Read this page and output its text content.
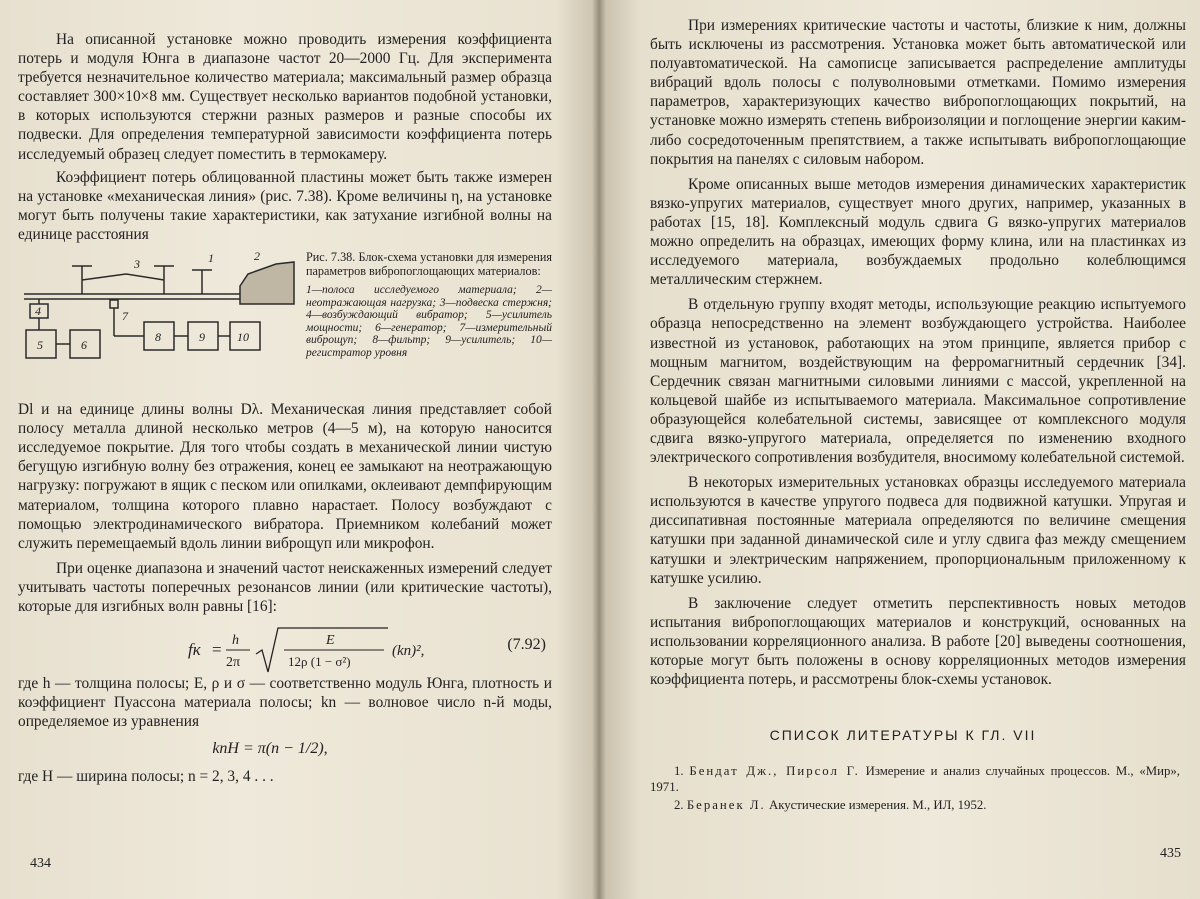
На описанной установке можно проводить измерения коэффициента потерь и модуля Юнга в диапазоне частот 20—2000 Гц. Для эксперимента требуется незначительное количество материала; максимальный размер образца составляет 300×10×8 мм. Существует несколько вариантов подобной установки, в которых используются стержни разных размеров и разные способы их подвески. Для определения температурной зависимости коэффициента потерь исследуемый образец следует поместить в термокамеру.

Коэффициент потерь облицованной пластины может быть также измерен на установке «механическая линия» (рис. 7.38). Кроме величины η, на установке могут быть получены такие характеристики, как затухание изгибной волны на единице расстояния

3	1	2
4
5	6
7
8	9	10
Рис. 7.38. Блок-схема установки для измерения параметров вибропоглощающих материалов:
1—полоса исследуемого материала; 2—неотражающая нагрузка; 3—подвеска стержня; 4—возбуждающий вибратор; 5—усилитель мощности; 6—генератор; 7—измерительный виброщуп; 8—фильтр; 9—усилитель; 10—регистратор уровня

Dl и на единице длины волны Dλ. Механическая линия представляет собой полосу металла длиной несколько метров (4—5 м), на которую наносится исследуемое покрытие. Для того чтобы создать в механической линии чистую бегущую изгибную волну без отражения, конец ее замыкают на неотражающую нагрузку: погружают в ящик с песком или опилками, оклеивают демпфирующим материалом, толщина которого плавно нарастает. Полосу возбуждают с помощью электродинамического вибратора. Приемником колебаний может служить перемещаемый вдоль линии виброщуп или микрофон.

При оценке диапазона и значений частот неискаженных измерений следует учитывать частоты поперечных резонансов линии (или критические частоты), которые для изгибных волн равны [16]:

fк = h
2π
E
12ρ (1 − σ²)
(kn)²,	(7.92)

где h — толщина полосы; E, ρ и σ — соответственно модуль Юнга, плотность и коэффициент Пуассона материала полосы; kn — волновое число n-й моды, определяемое из уравнения

knH = π(n − 1/2),

где H — ширина полосы; n = 2, 3, 4 . . .

434

При измерениях критические частоты и частоты, близкие к ним, должны быть исключены из рассмотрения. Установка может быть автоматической или полуавтоматической. На самописце записывается распределение амплитуды вибраций вдоль полосы с полуволновыми отметками. Помимо измерения параметров, характеризующих качество вибропоглощающих покрытий, на установке можно измерять степень виброизоляции и поглощение энергии каким-либо сосредоточенным препятствием, а также испытывать вибропоглощающие покрытия на панелях с силовым набором.

Кроме описанных выше методов измерения динамических характеристик вязко-упругих материалов, существует много других, например, указанных в работах [15, 18]. Комплексный модуль сдвига G вязко-упругих материалов можно определить на образцах, имеющих форму клина, или на пластинках из исследуемого материала, возбуждаемых продольно колеблющимся металлическим стержнем.

В отдельную группу входят методы, использующие реакцию испытуемого образца непосредственно на элемент возбуждающего устройства. Наиболее известной из установок, работающих на этом принципе, является прибор с мощным магнитом, воздействующим на ферромагнитный сердечник [34]. Сердечник связан магнитными силовыми линиями с массой, укрепленной на кольцевой шайбе из испытываемого материала. Максимальное сопротивление образующейся колебательной системы, зависящее от комплексного модуля сдвига вязко-упругого материала, определяется по изменению входного электрического сопротивления возбудителя, вносимому колебательной системой.

В некоторых измерительных установках образцы исследуемого материала используются в качестве упругого подвеса для подвижной катушки. Упругая и диссипативная постоянные материала определяются по величине смещения катушки при заданной динамической силе и углу сдвига фаз между смещением катушки и электрическим напряжением, пропорциональным приложенному к катушке усилию.

В заключение следует отметить перспективность новых методов испытания вибропоглощающих материалов и конструкций, основанных на использовании корреляционного анализа. В работе [20] выведены соотношения, которые могут быть положены в основу корреляционных методов измерения коэффициента потерь, и рассмотрены блок-схемы установок.

СПИСОК ЛИТЕРАТУРЫ К ГЛ. VII
1. Бендат Дж., Пирсол Г. Измерение и анализ случайных процессов. М., «Мир», 1971.
2. Беранек Л. Акустические измерения. М., ИЛ, 1952.
435
